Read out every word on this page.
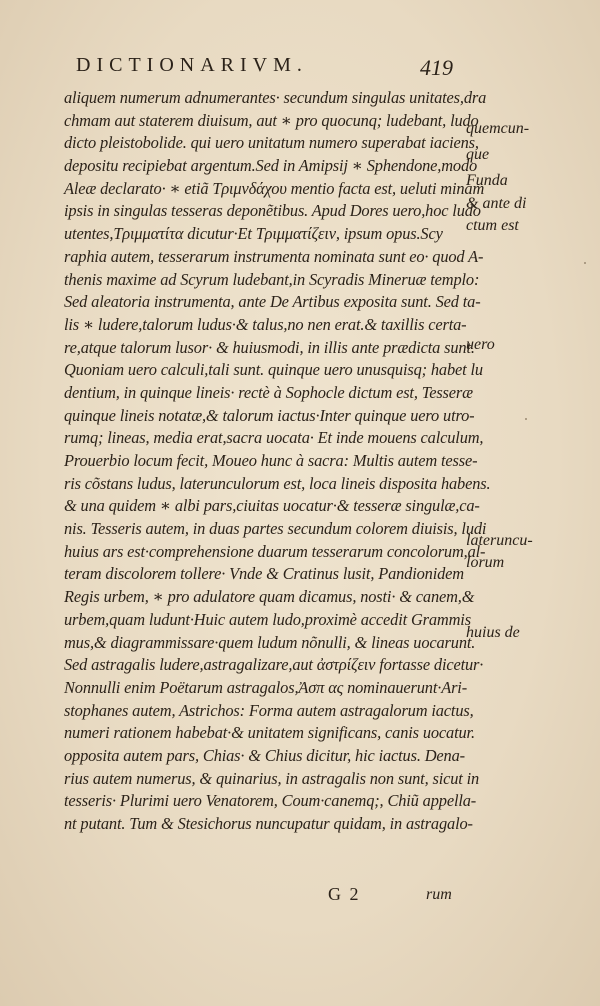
DICTIONARIVM.	419
aliquem numerum adnumerantes· secundum singulas unitates,dra
chmam aut staterem diuisum, aut ∗ pro quocunq; ludebant, ludo
dicto pleistobolide. qui uero unitatum numero superabat iaciens,
depositu recipiebat argentum.Sed in Amipsij ∗ Sphendone,modo
Aleæ declarato· ∗ etiã Τριμνδάχου mentio facta est, ueluti minam
ipsis in singulas tesseras deponẽtibus. Apud Dores uero,hoc ludo
utentes,Τριμματίτα dicutur·Et Τριμματίζειν, ipsum opus.Scy
raphia autem, tesserarum instrumenta nominata sunt eo· quod A-
thenis maxime ad Scyrum ludebant,in Scyradis Mineruæ templo:
Sed aleatoria instrumenta, ante De Artibus exposita sunt. Sed ta-
lis ∗ ludere,talorum ludus·& talus,no nen erat.& taxillis certa-
re,atque talorum lusor· & huiusmodi, in illis ante prædicta sunt.
Quoniam uero calculi,tali sunt. quinque uero unusquisq; habet lu
dentium, in quinque lineis· rectè à Sophocle dictum est, Tesseræ
quinque lineis notatæ,& talorum iactus·Inter quinque uero utro-
rumq; lineas, media erat,sacra uocata· Et inde mouens calculum,
Prouerbio locum fecit, Moueo hunc à sacra: Multis autem tesse-
ris cõstans ludus, laterunculorum est, loca lineis disposita habens.
& una quidem ∗ albi pars,ciuitas uocatur·& tesseræ singulæ,ca-
nis. Tesseris autem, in duas partes secundum colorem diuisis, ludi
huius ars est·comprehensione duarum tesserarum concolorum,al-
teram discolorem tollere· Vnde & Cratinus lusit, Pandionidem
Regis urbem, ∗ pro adulatore quam dicamus, nosti· & canem,&
urbem,quam ludunt·Huic autem ludo,proximè accedit Grammis
mus,& diagrammissare·quem ludum nõnulli, & lineas uocarunt.
Sed astragalis ludere,astragalizare,aut ἀστρίζειν fortasse dicetur·
Nonnulli enim Poëtarum astragalos,Ἀσπ ας nominauerunt·Ari-
stophanes autem, Astrichos: Forma autem astragalorum iactus,
numeri rationem habebat·& unitatem significans, canis uocatur.
opposita autem pars, Chias· & Chius dicitur, hic iactus. Dena-
rius autem numerus, & quinarius, in astragalis non sunt, sicut in
tesseris· Plurimi uero Venatorem, Coum·canemq;, Chiũ appella-
nt putant. Tum & Stesichorus nuncupatur quidam, in astragalo-
quemcun-
que
Funda
& ante di
ctum est
uero
lateruncu-
lorum
huius de
G 2	rum
